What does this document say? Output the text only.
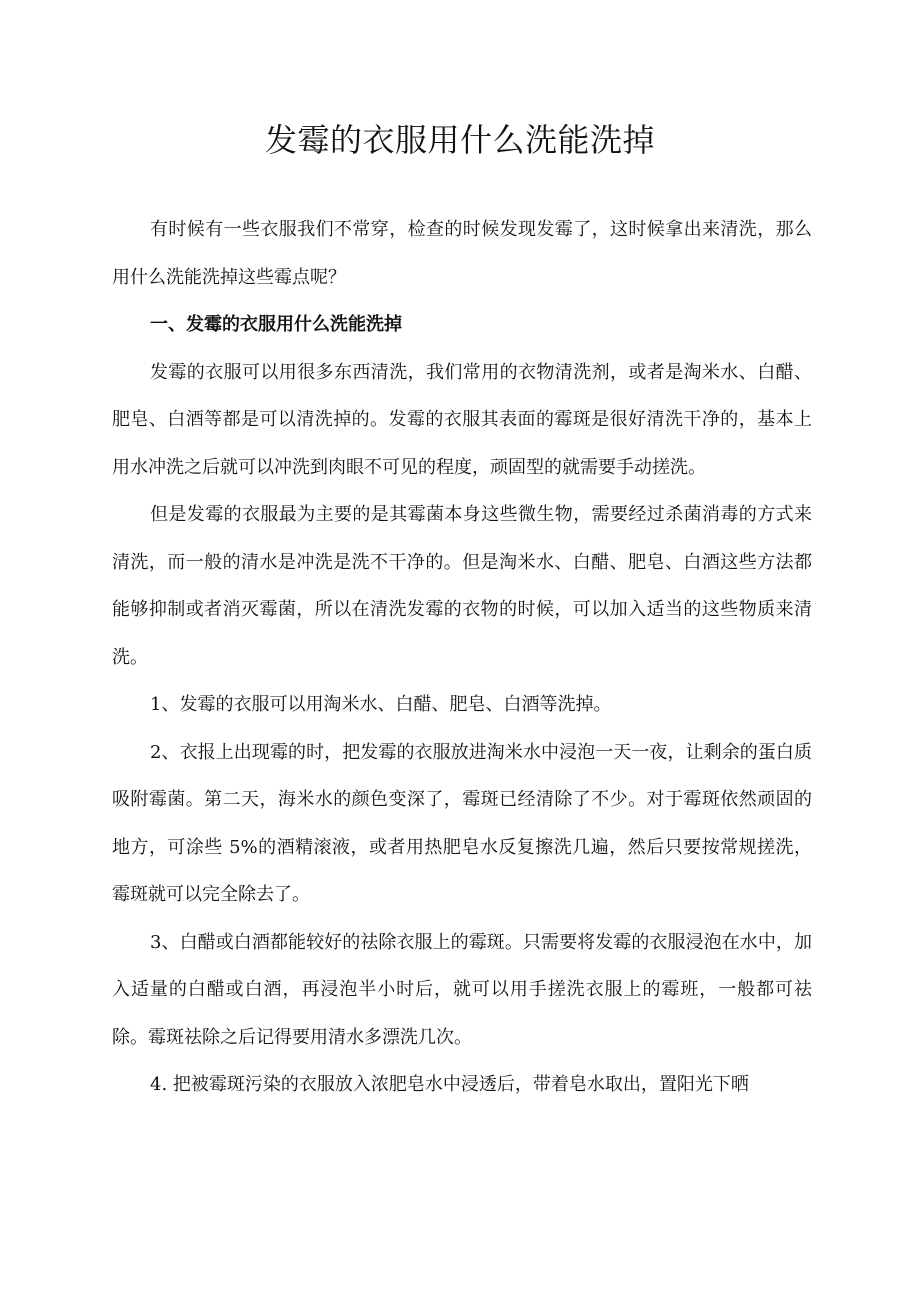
发霉的衣服用什么洗能洗掉

有时候有一些衣服我们不常穿，检查的时候发现发霉了，这时候拿出来清洗，那么用什么洗能洗掉这些霉点呢？

一、发霉的衣服用什么洗能洗掉

发霉的衣服可以用很多东西清洗，我们常用的衣物清洗剂，或者是淘米水、白醋、肥皂、白酒等都是可以清洗掉的。发霉的衣服其表面的霉斑是很好清洗干净的，基本上用水冲洗之后就可以冲洗到肉眼不可见的程度，顽固型的就需要手动搓洗。

但是发霉的衣服最为主要的是其霉菌本身这些微生物，需要经过杀菌消毒的方式来清洗，而一般的清水是冲洗是洗不干净的。但是淘米水、白醋、肥皂、白酒这些方法都能够抑制或者消灭霉菌，所以在清洗发霉的衣物的时候，可以加入适当的这些物质来清洗。

1、发霉的衣服可以用淘米水、白醋、肥皂、白酒等洗掉。

2、衣报上出现霉的时，把发霉的衣服放进淘米水中浸泡一天一夜，让剩余的蛋白质吸附霉菌。第二天，海米水的颜色变深了，霉斑已经清除了不少。对于霉斑依然顽固的地方，可涂些 5%的酒精滚液，或者用热肥皂水反复擦洗几遍，然后只要按常规搓洗，霉斑就可以完全除去了。

3、白醋或白酒都能较好的祛除衣服上的霉斑。只需要将发霉的衣服浸泡在水中，加入适量的白醋或白酒，再浸泡半小时后，就可以用手搓洗衣服上的霉班，一般都可祛除。霉斑祛除之后记得要用清水多漂洗几次。

4. 把被霉斑污染的衣服放入浓肥皂水中浸透后，带着皂水取出，置阳光下晒
